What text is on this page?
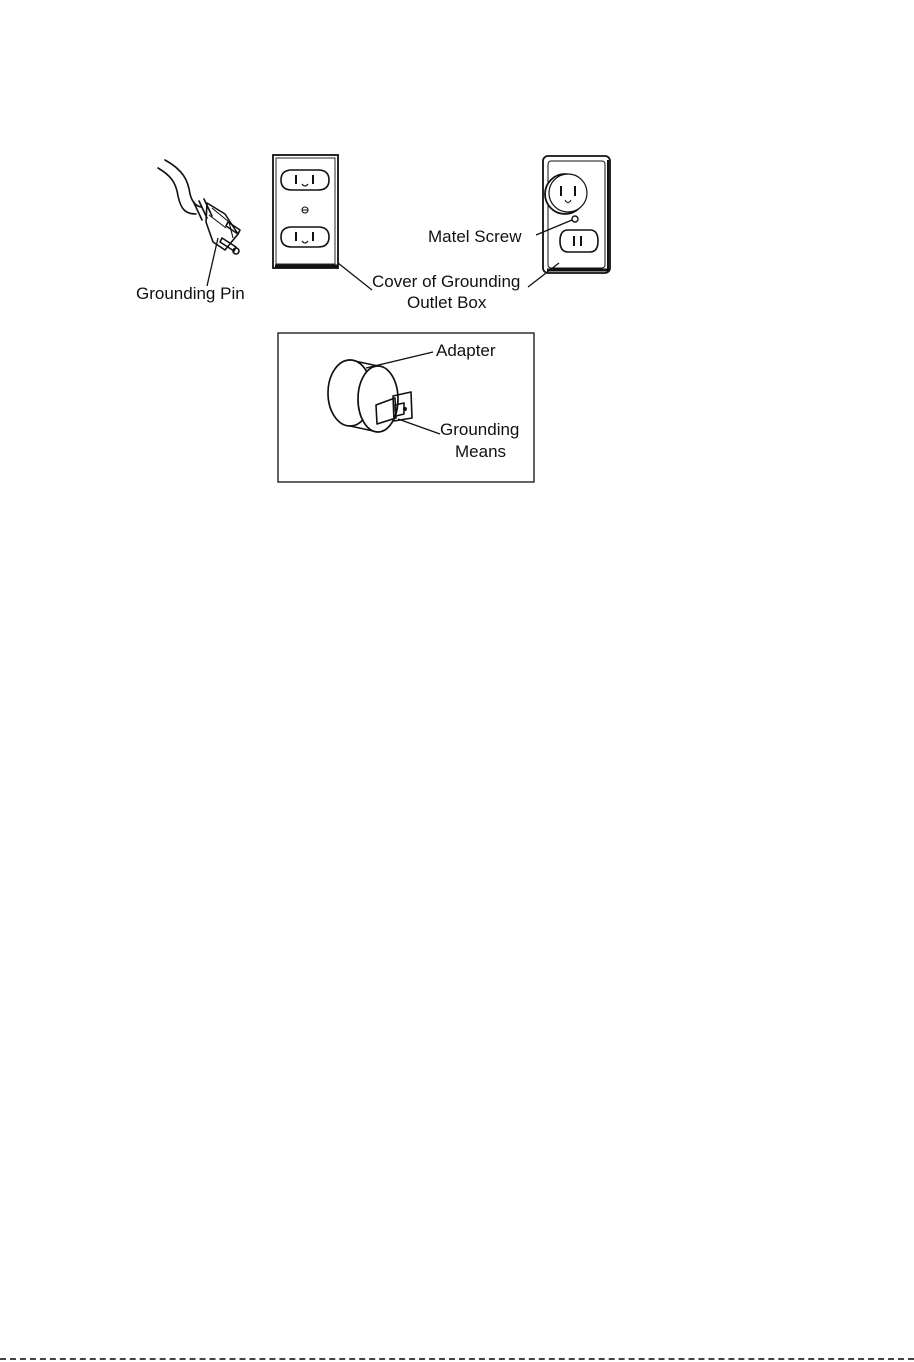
Grounding Pin
Matel Screw
Cover of Grounding
Outlet Box
Adapter
Grounding
Means
